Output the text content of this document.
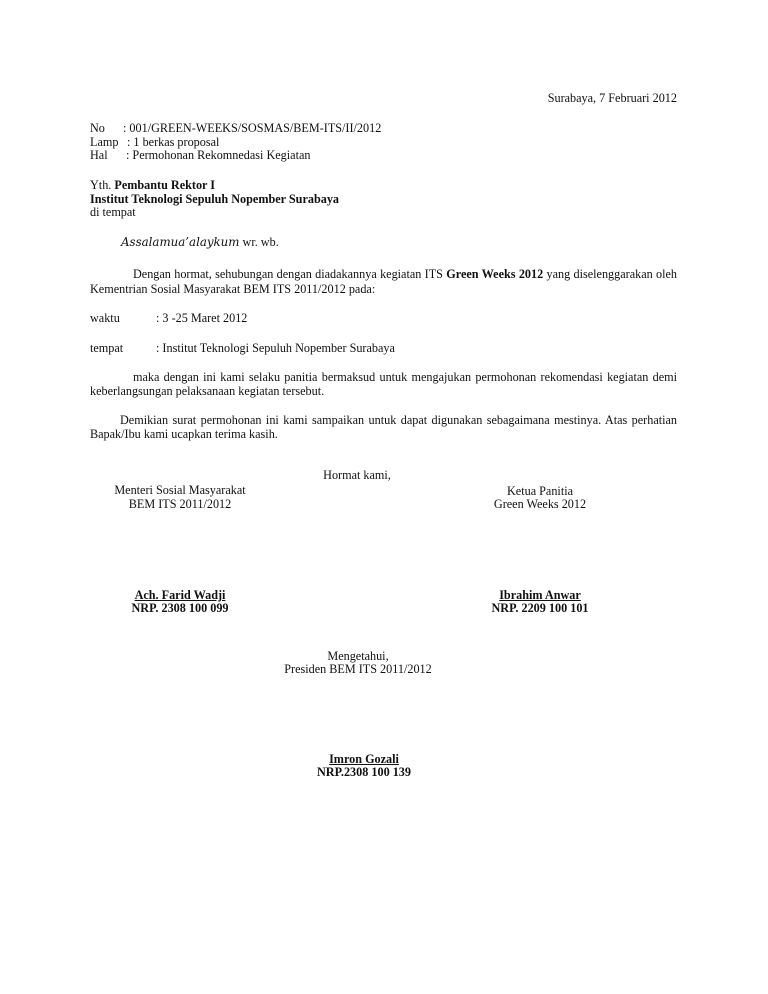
Surabaya, 7 Februari 2012
No : 001/GREEN-WEEKS/SOSMAS/BEM-ITS/II/2012
Lamp : 1 berkas proposal
Hal : Permohonan Rekomnedasi Kegiatan
Yth. Pembantu Rektor I
Institut Teknologi Sepuluh Nopember Surabaya
di tempat
Assalamua’alaykum wr. wb.
Dengan hormat, sehubungan dengan diadakannya kegiatan ITS Green Weeks 2012 yang diselenggarakan oleh Kementrian Sosial Masyarakat BEM ITS 2011/2012 pada:
waktu	: 3 -25 Maret 2012
tempat	: Institut Teknologi Sepuluh Nopember Surabaya
maka dengan ini kami selaku panitia bermaksud untuk mengajukan permohonan rekomendasi kegiatan demi keberlangsungan pelaksanaan kegiatan tersebut.
Demikian surat permohonan ini kami sampaikan untuk dapat digunakan sebagaimana mestinya. Atas perhatian Bapak/Ibu kami ucapkan terima kasih.
Hormat kami,
Menteri Sosial Masyarakat
BEM ITS 2011/2012
Ach. Farid Wadji
NRP. 2308 100 099
Ketua Panitia
Green Weeks 2012
Ibrahim Anwar
NRP. 2209 100 101
Mengetahui,
Presiden BEM ITS 2011/2012
Imron Gozali
NRP.2308 100 139
